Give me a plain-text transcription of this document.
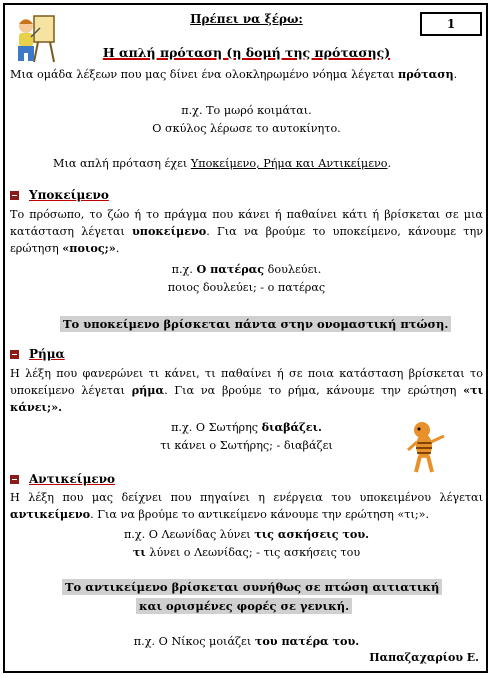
Πρέπει να ξέρω:	1
Η απλή πρόταση (η δομή της πρότασης)
Μια ομάδα λέξεων που μας δίνει ένα ολοκληρωμένο νόημα λέγεται πρόταση.
π.χ. Το μωρό κοιμάται.
Ο σκύλος λέρωσε το αυτοκίνητο.
Μια απλή πρόταση έχει Υποκείμενο, Ρήμα και Αντικείμενο.
Υποκείμενο
Το πρόσωπο, το ζώο ή το πράγμα που κάνει ή παθαίνει κάτι ή βρίσκεται σε μια κατάσταση λέγεται υποκείμενο. Για να βρούμε το υποκείμενο, κάνουμε την ερώτηση «ποιος;».
π.χ. Ο πατέρας δουλεύει.
ποιος δουλεύει; - ο πατέρας
Το υποκείμενο βρίσκεται πάντα στην ονομαστική πτώση.
Ρήμα
Η λέξη που φανερώνει τι κάνει, τι παθαίνει ή σε ποια κατάσταση βρίσκεται το υποκείμενο λέγεται ρήμα. Για να βρούμε το ρήμα, κάνουμε την ερώτηση «τι κάνει;».
π.χ. Ο Σωτήρης διαβάζει.
τι κάνει ο Σωτήρης; - διαβάζει
Αντικείμενο
Η λέξη που μας δείχνει που πηγαίνει η ενέργεια του υποκειμένου λέγεται αντικείμενο. Για να βρούμε το αντικείμενο κάνουμε την ερώτηση «τι;».
π.χ. Ο Λεωνίδας λύνει τις ασκήσεις του.
τι λύνει ο Λεωνίδας; - τις ασκήσεις του
Το αντικείμενο βρίσκεται συνήθως σε πτώση αιτιατική
και ορισμένες φορές σε γενική.
π.χ. Ο Νίκος μοιάζει του πατέρα του.
Παπαζαχαρίου Ε.
